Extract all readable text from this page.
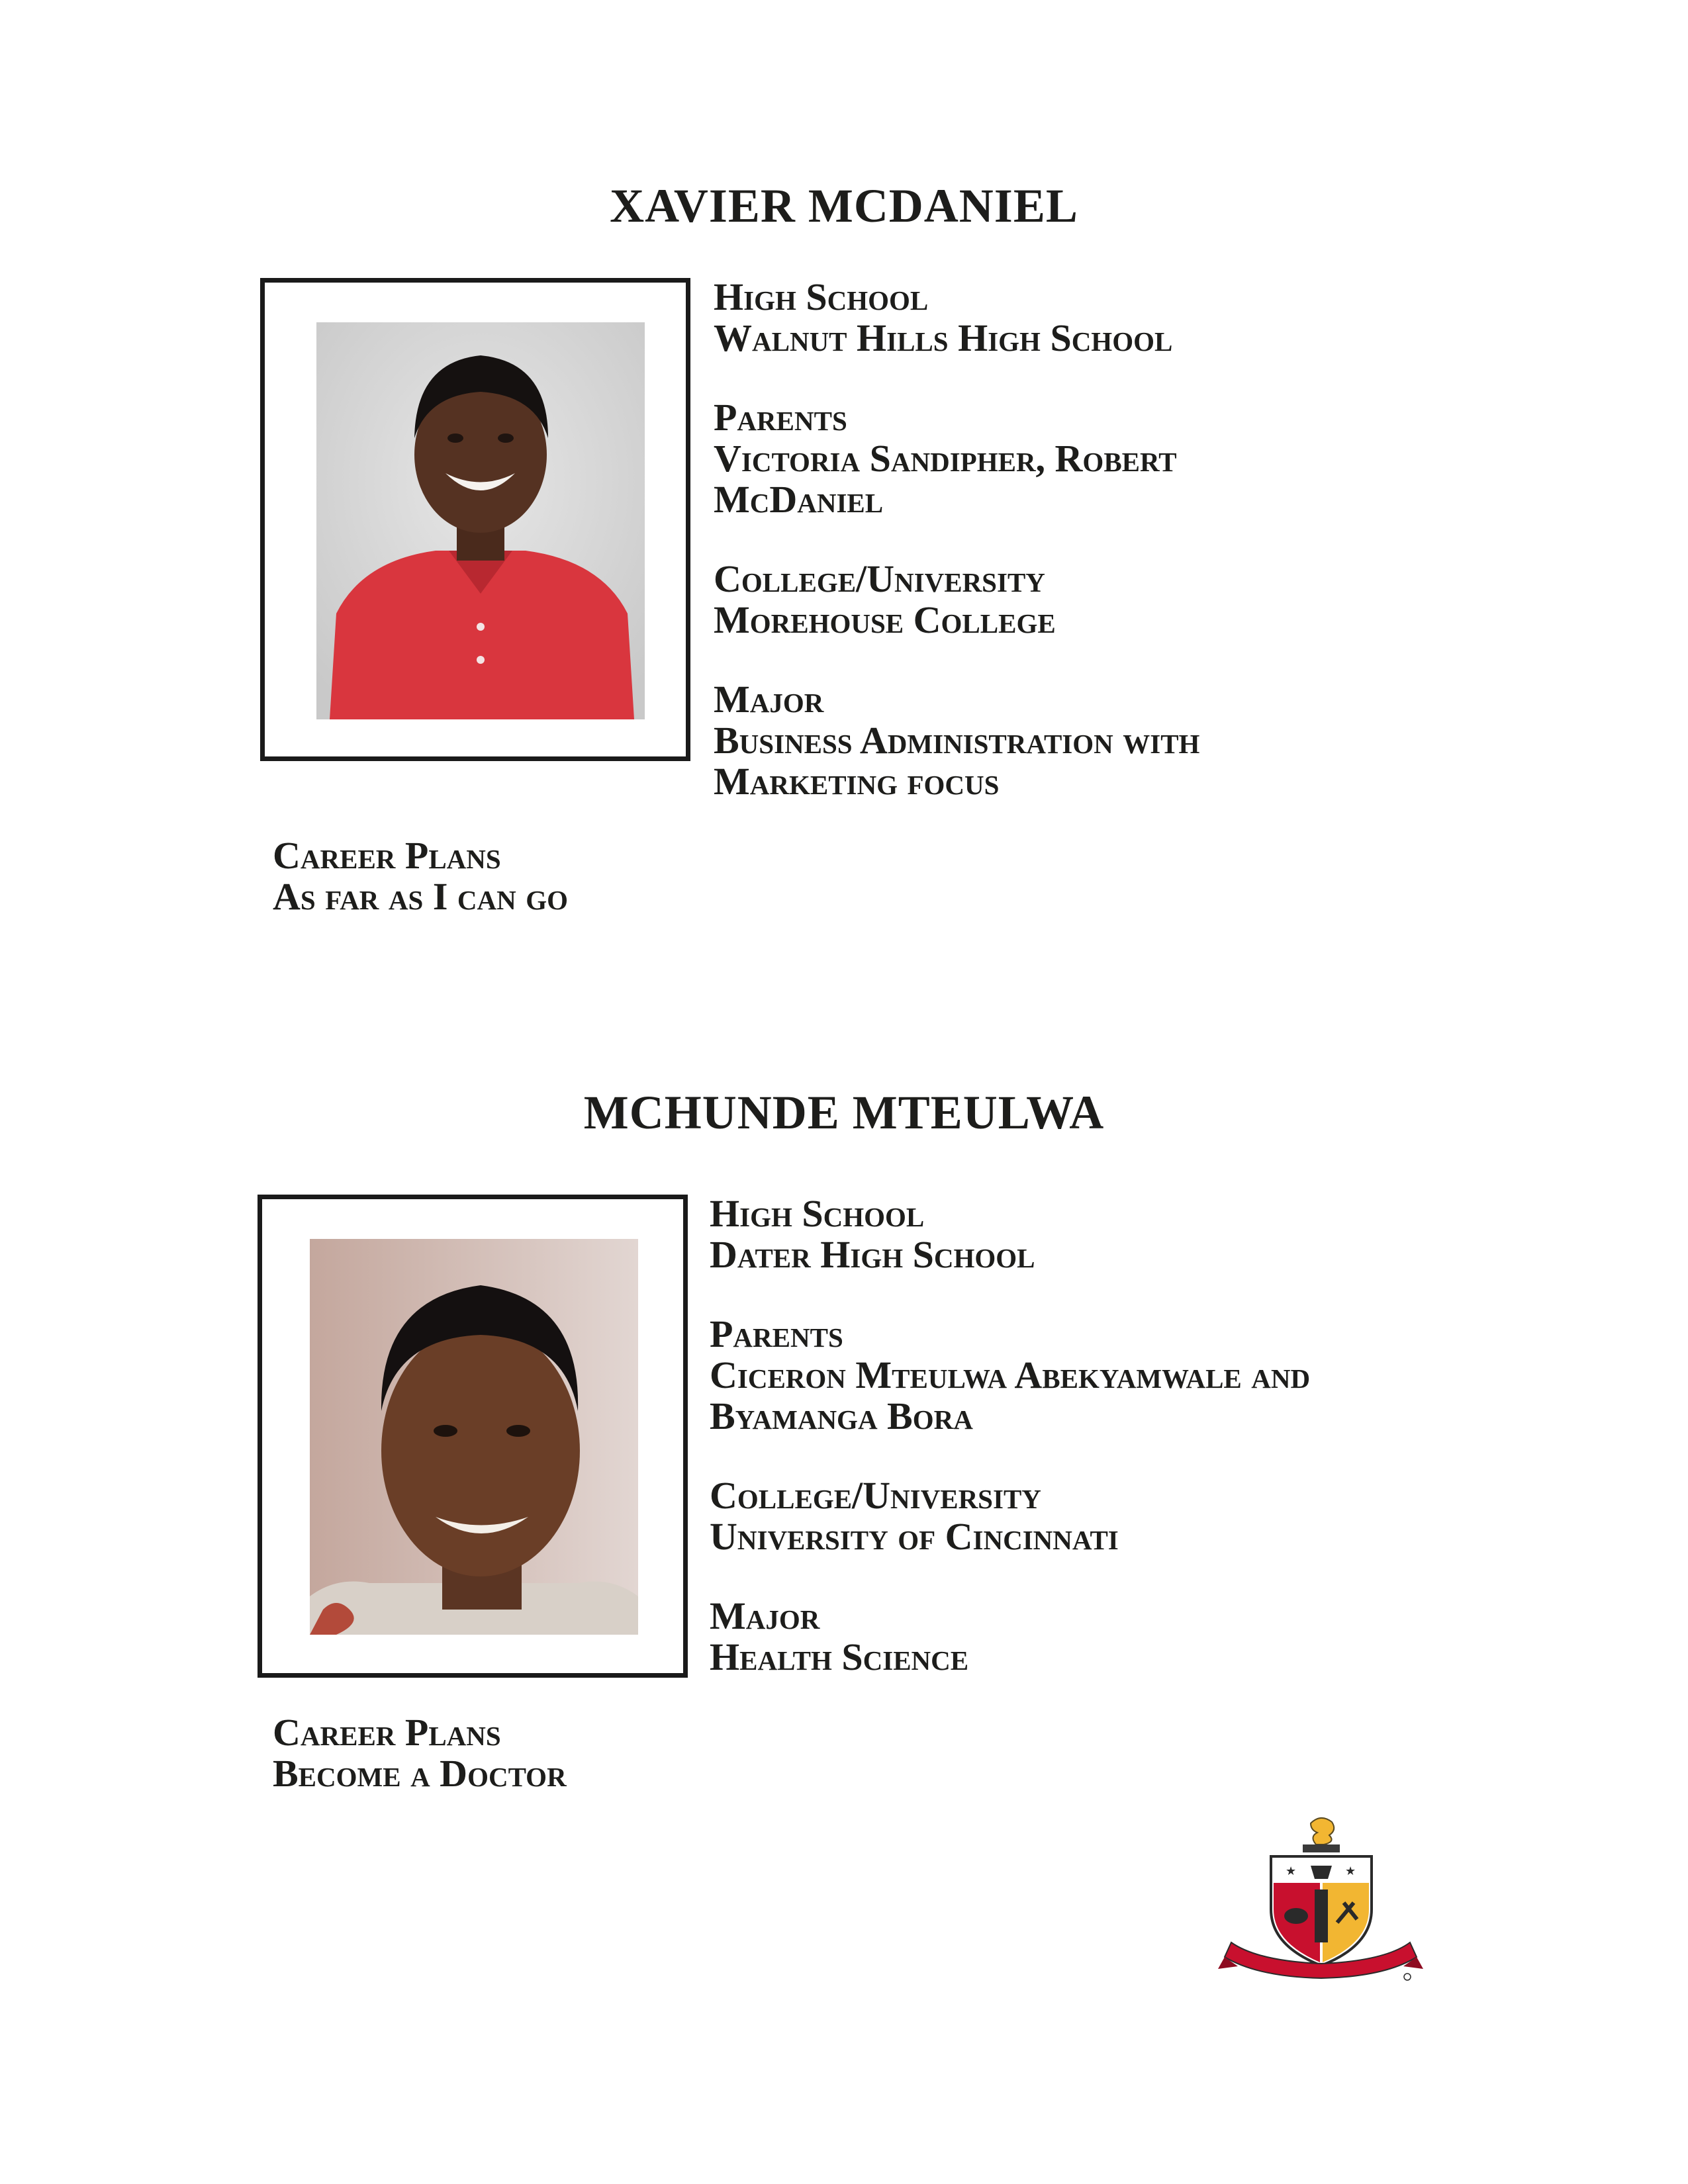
XAVIER MCDANIEL
High School
Walnut Hills High School
Parents
Victoria Sandipher, Robert
McDaniel
College/University
Morehouse College
Major
Business Administration with
Marketing focus
Career Plans
As far as I can go
MCHUNDE MTEULWA
High School
Dater High School
Parents
Ciceron Mteulwa Abekyamwale and
Byamanga Bora
College/University
University of Cincinnati
Major
Health Science
Career Plans
Become a Doctor
★	★
